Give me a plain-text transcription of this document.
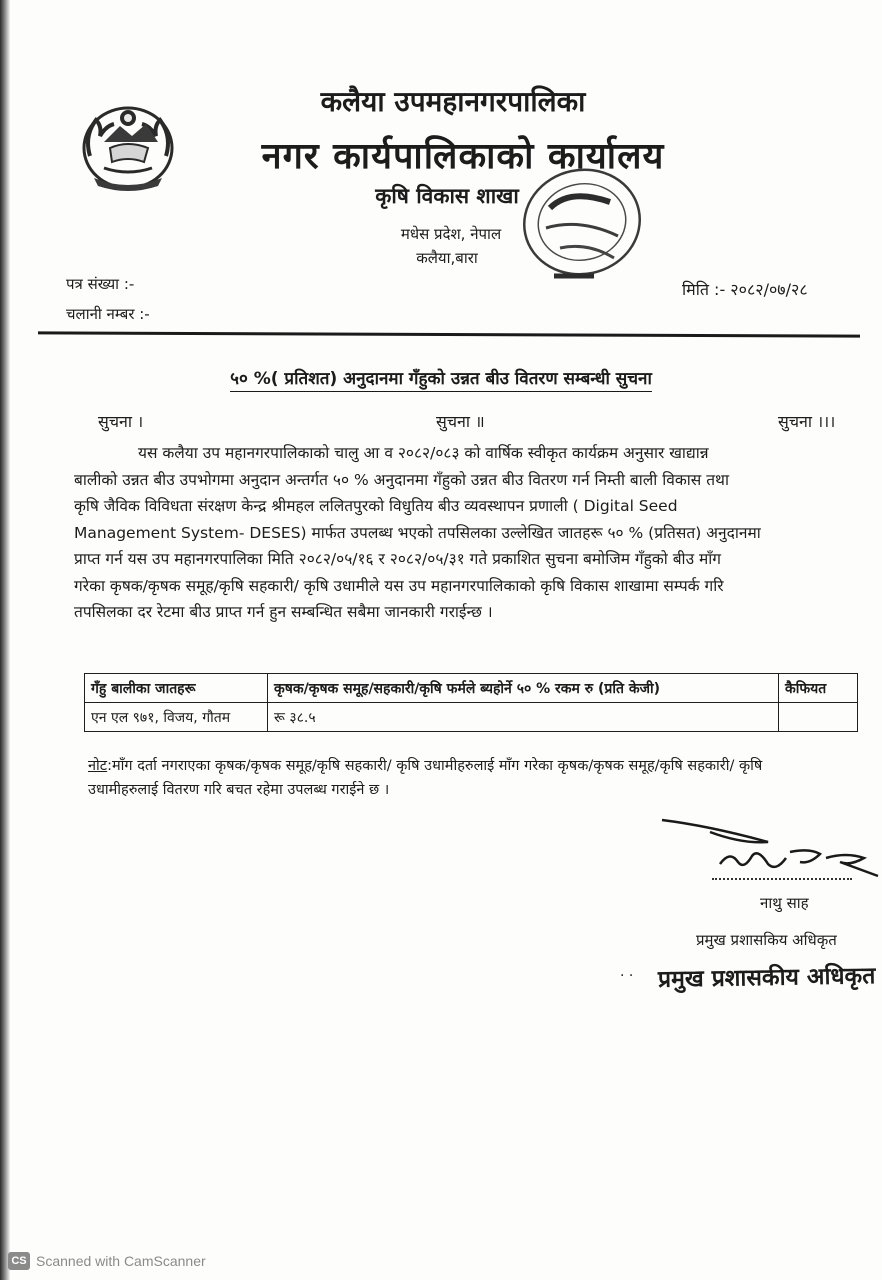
कलैया उपमहानगरपालिका
नगर कार्यपालिकाको कार्यालय
कृषि विकास शाखा
मधेस प्रदेश, नेपाल
कलैया,बारा
पत्र संख्या :-
चलानी नम्बर :-
मिति :- २०८२/०७/२८
५० %( प्रतिशत) अनुदानमा गँहुको उन्नत बीउ वितरण सम्बन्धी सुचना
सुचना ।	सुचना ॥	सुचना ।।।
यस कलैया उप महानगरपालिकाको चालु आ व २०८२/०८३ को वार्षिक स्वीकृत कार्यक्रम अनुसार खाद्यान्न
बालीको उन्नत बीउ उपभोगमा अनुदान अन्तर्गत ५० % अनुदानमा गँहुको उन्नत बीउ वितरण गर्न निम्ती बाली विकास तथा
कृषि जैविक विविधता संरक्षण केन्द्र श्रीमहल ललितपुरको विधुतिय बीउ व्यवस्थापन प्रणाली ( Digital Seed
Management System- DESES) मार्फत उपलब्ध भएको तपसिलका उल्लेखित जातहरू ५० % (प्रतिसत) अनुदानमा
प्राप्त गर्न यस उप महानगरपालिका मिति २०८२/०५/१६ र २०८२/०५/३१ गते प्रकाशित सुचना बमोजिम गँहुको बीउ माँग
गरेका कृषक/कृषक समूह/कृषि सहकारी/ कृषि उधामीले यस उप महानगरपालिकाको कृषि विकास शाखामा सम्पर्क गरि
तपसिलका दर रेटमा बीउ प्राप्त गर्न हुन सम्बन्धित सबैमा जानकारी गराईन्छ ।
गँहु बालीका जातहरू	कृषक/कृषक समूह/सहकारी/कृषि फर्मले ब्यहोर्ने ५० % रकम रु (प्रति केजी)	कैफियत
एन एल ९७१, विजय, गौतम	रू ३८.५	
नोट:माँग दर्ता नगराएका कृषक/कृषक समूह/कृषि सहकारी/ कृषि उधामीहरुलाई माँग गरेका कृषक/कृषक समूह/कृषि सहकारी/ कृषि
उधामीहरुलाई वितरण गरि बचत रहेमा उपलब्ध गराईने छ ।
नाथु साह
प्रमुख प्रशासकिय अधिकृत
· · प्रमुख प्रशासकीय अधिकृत
CS Scanned with CamScanner
